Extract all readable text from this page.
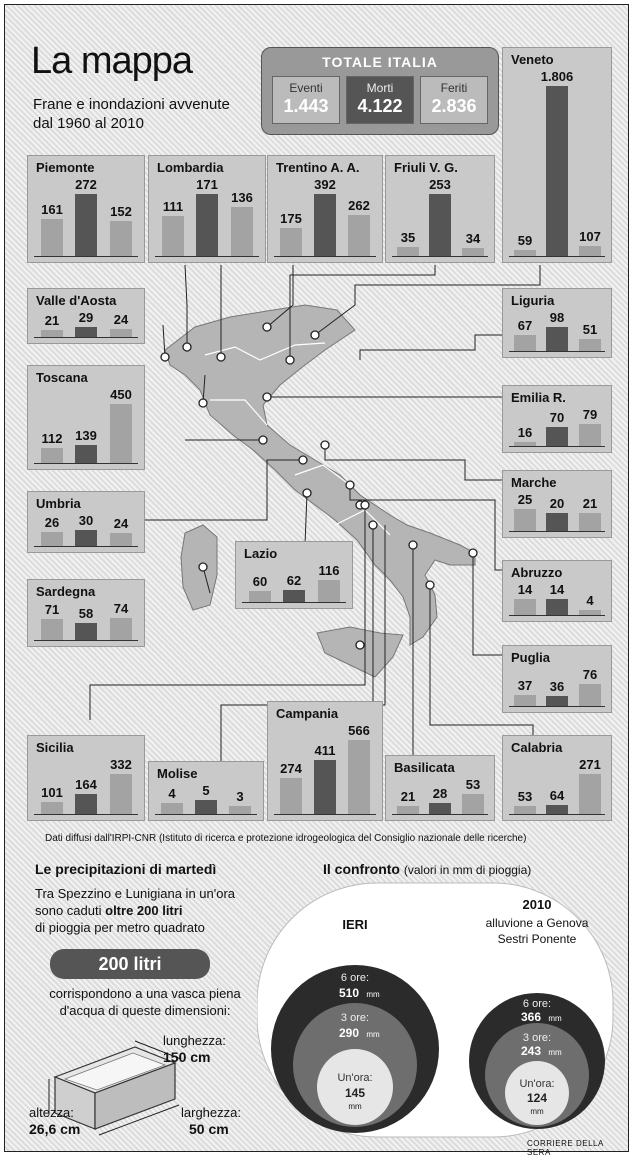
La mappa
Frane e inondazioni avvenute dal 1960 al 2010
TOTALE ITALIA
Eventi
1.443
Morti
4.122
Feriti
2.836
Piemonte
161
272
152
Lombardia
111
171
136
Trentino A. A.
175
392
262
Friuli V. G.
35
253
34
Veneto
59
1.806
107
Valle d'Aosta
21	29	24
Liguria
67
98
51
Toscana
112 139
450	Emilia R.
16
70	79
Marche
25	20	21
Umbria
26	30	24
Abruzzo
14	14
4
Lazio
60	62
116
Sardegna
71	58	74
Puglia
37	36
76
Campania
274
411
566
Sicilia
101
164
332
Molise
4	5	3
Basilicata
21	28
53
Calabria
53	64
271
Dati diffusi dall'IRPI-CNR (Istituto di ricerca e protezione idrogeologica del Consiglio nazionale delle ricerche)
Le precipitazioni di martedì
Tra Spezzino e Lunigiana in un'ora
sono caduti oltre 200 litri
di pioggia per metro quadrato
200 litri
corrispondono a una vasca piena d'acqua di queste dimensioni:
lunghezza:
150 cm
altezza:
26,6 cm
larghezza:
50 cm
Il confronto (valori in mm di pioggia)
IERI
6 ore:
510 mm
3 ore:
290 mm
Un'ora:
145
mm
2010
alluvione a Genova
Sestri Ponente
6 ore:
366 mm
3 ore:
243 mm
Un'ora:
124
mm
CORRIERE DELLA SERA
